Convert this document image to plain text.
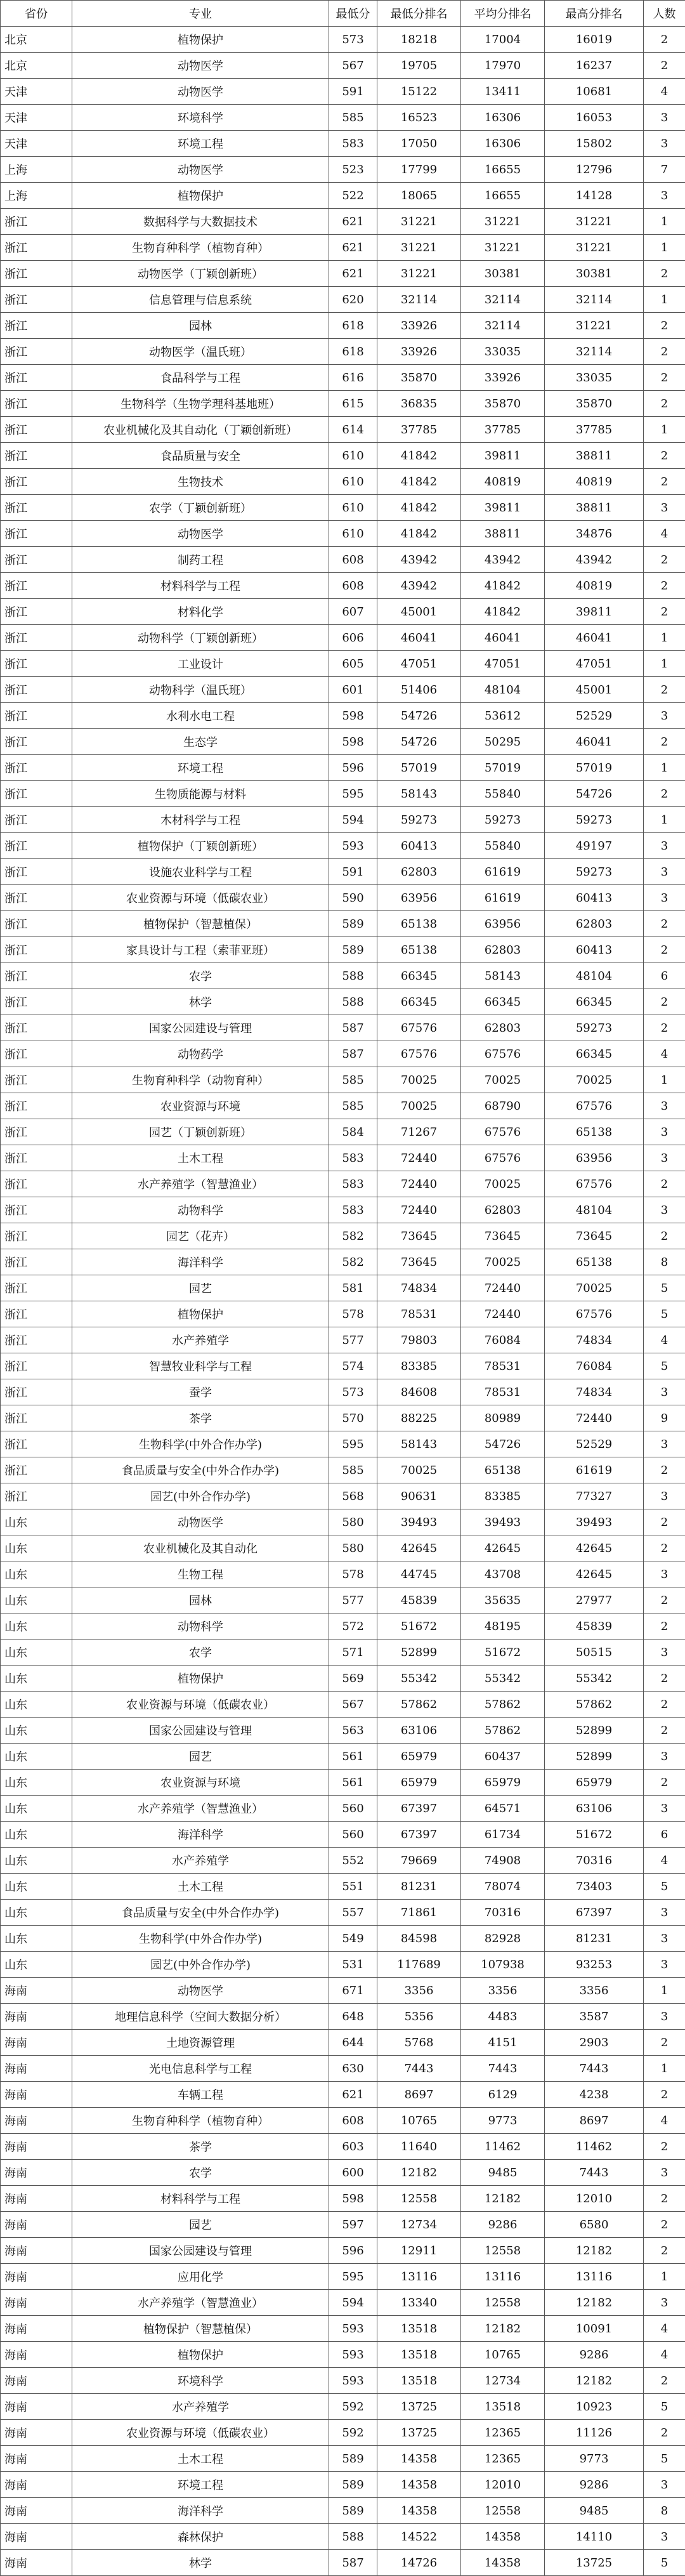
省份	专业	最低分	最低分排名	平均分排名	最高分排名	人数
北京	植物保护	573	18218	17004	16019	2
北京	动物医学	567	19705	17970	16237	2
天津	动物医学	591	15122	13411	10681	4
天津	环境科学	585	16523	16306	16053	3
天津	环境工程	583	17050	16306	15802	3
上海	动物医学	523	17799	16655	12796	7
上海	植物保护	522	18065	16655	14128	3
浙江	数据科学与大数据技术	621	31221	31221	31221	1
浙江	生物育种科学（植物育种）	621	31221	31221	31221	1
浙江	动物医学（丁颖创新班）	621	31221	30381	30381	2
浙江	信息管理与信息系统	620	32114	32114	32114	1
浙江	园林	618	33926	32114	31221	2
浙江	动物医学（温氏班）	618	33926	33035	32114	2
浙江	食品科学与工程	616	35870	33926	33035	2
浙江	生物科学（生物学理科基地班）	615	36835	35870	35870	2
浙江	农业机械化及其自动化（丁颖创新班）	614	37785	37785	37785	1
浙江	食品质量与安全	610	41842	39811	38811	2
浙江	生物技术	610	41842	40819	40819	2
浙江	农学（丁颖创新班）	610	41842	39811	38811	3
浙江	动物医学	610	41842	38811	34876	4
浙江	制药工程	608	43942	43942	43942	2
浙江	材料科学与工程	608	43942	41842	40819	2
浙江	材料化学	607	45001	41842	39811	2
浙江	动物科学（丁颖创新班）	606	46041	46041	46041	1
浙江	工业设计	605	47051	47051	47051	1
浙江	动物科学（温氏班）	601	51406	48104	45001	2
浙江	水利水电工程	598	54726	53612	52529	3
浙江	生态学	598	54726	50295	46041	2
浙江	环境工程	596	57019	57019	57019	1
浙江	生物质能源与材料	595	58143	55840	54726	2
浙江	木材科学与工程	594	59273	59273	59273	1
浙江	植物保护（丁颖创新班）	593	60413	55840	49197	3
浙江	设施农业科学与工程	591	62803	61619	59273	3
浙江	农业资源与环境（低碳农业）	590	63956	61619	60413	3
浙江	植物保护（智慧植保）	589	65138	63956	62803	2
浙江	家具设计与工程（索菲亚班）	589	65138	62803	60413	2
浙江	农学	588	66345	58143	48104	6
浙江	林学	588	66345	66345	66345	2
浙江	国家公园建设与管理	587	67576	62803	59273	2
浙江	动物药学	587	67576	67576	66345	4
浙江	生物育种科学（动物育种）	585	70025	70025	70025	1
浙江	农业资源与环境	585	70025	68790	67576	3
浙江	园艺（丁颖创新班）	584	71267	67576	65138	3
浙江	土木工程	583	72440	67576	63956	3
浙江	水产养殖学（智慧渔业）	583	72440	70025	67576	2
浙江	动物科学	583	72440	62803	48104	3
浙江	园艺（花卉）	582	73645	73645	73645	2
浙江	海洋科学	582	73645	70025	65138	8
浙江	园艺	581	74834	72440	70025	5
浙江	植物保护	578	78531	72440	67576	5
浙江	水产养殖学	577	79803	76084	74834	4
浙江	智慧牧业科学与工程	574	83385	78531	76084	5
浙江	蚕学	573	84608	78531	74834	3
浙江	茶学	570	88225	80989	72440	9
浙江	生物科学(中外合作办学)	595	58143	54726	52529	3
浙江	食品质量与安全(中外合作办学)	585	70025	65138	61619	2
浙江	园艺(中外合作办学)	568	90631	83385	77327	3
山东	动物医学	580	39493	39493	39493	2
山东	农业机械化及其自动化	580	42645	42645	42645	2
山东	生物工程	578	44745	43708	42645	3
山东	园林	577	45839	35635	27977	2
山东	动物科学	572	51672	48195	45839	2
山东	农学	571	52899	51672	50515	3
山东	植物保护	569	55342	55342	55342	2
山东	农业资源与环境（低碳农业）	567	57862	57862	57862	2
山东	国家公园建设与管理	563	63106	57862	52899	2
山东	园艺	561	65979	60437	52899	3
山东	农业资源与环境	561	65979	65979	65979	2
山东	水产养殖学（智慧渔业）	560	67397	64571	63106	3
山东	海洋科学	560	67397	61734	51672	6
山东	水产养殖学	552	79669	74908	70316	4
山东	土木工程	551	81231	78074	73403	5
山东	食品质量与安全(中外合作办学)	557	71861	70316	67397	3
山东	生物科学(中外合作办学)	549	84598	82928	81231	3
山东	园艺(中外合作办学)	531	117689	107938	93253	3
海南	动物医学	671	3356	3356	3356	1
海南	地理信息科学（空间大数据分析）	648	5356	4483	3587	3
海南	土地资源管理	644	5768	4151	2903	2
海南	光电信息科学与工程	630	7443	7443	7443	1
海南	车辆工程	621	8697	6129	4238	2
海南	生物育种科学（植物育种）	608	10765	9773	8697	4
海南	茶学	603	11640	11462	11462	2
海南	农学	600	12182	9485	7443	3
海南	材料科学与工程	598	12558	12182	12010	2
海南	园艺	597	12734	9286	6580	2
海南	国家公园建设与管理	596	12911	12558	12182	2
海南	应用化学	595	13116	13116	13116	1
海南	水产养殖学（智慧渔业）	594	13340	12558	12182	3
海南	植物保护（智慧植保）	593	13518	12182	10091	4
海南	植物保护	593	13518	10765	9286	4
海南	环境科学	593	13518	12734	12182	2
海南	水产养殖学	592	13725	13518	10923	5
海南	农业资源与环境（低碳农业）	592	13725	12365	11126	2
海南	土木工程	589	14358	12365	9773	5
海南	环境工程	589	14358	12010	9286	3
海南	海洋科学	589	14358	12558	9485	8
海南	森林保护	588	14522	14358	14110	3
海南	林学	587	14726	14358	13725	5
